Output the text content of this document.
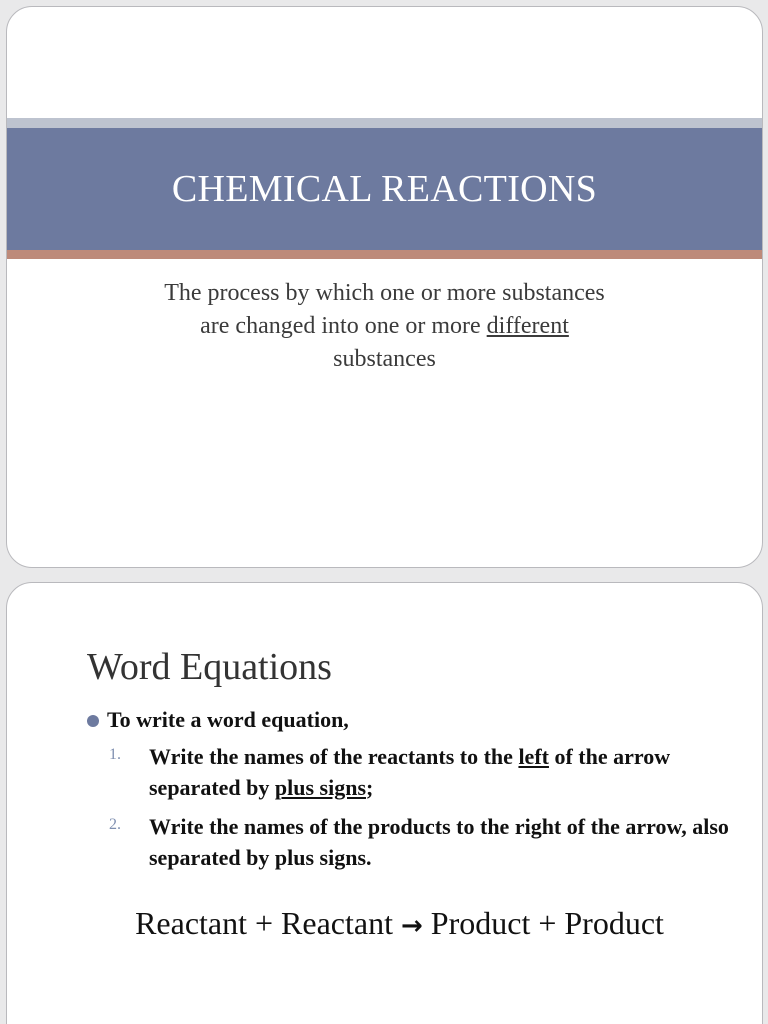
CHEMICAL REACTIONS
The process by which one or more substances
are changed into one or more different
substances
Word Equations
To write a word equation,
1.	Write the names of the reactants to the left of the arrow separated by plus signs;
2.	Write the names of the products to the right of the arrow, also separated by plus signs.
Reactant + Reactant → Product + Product
